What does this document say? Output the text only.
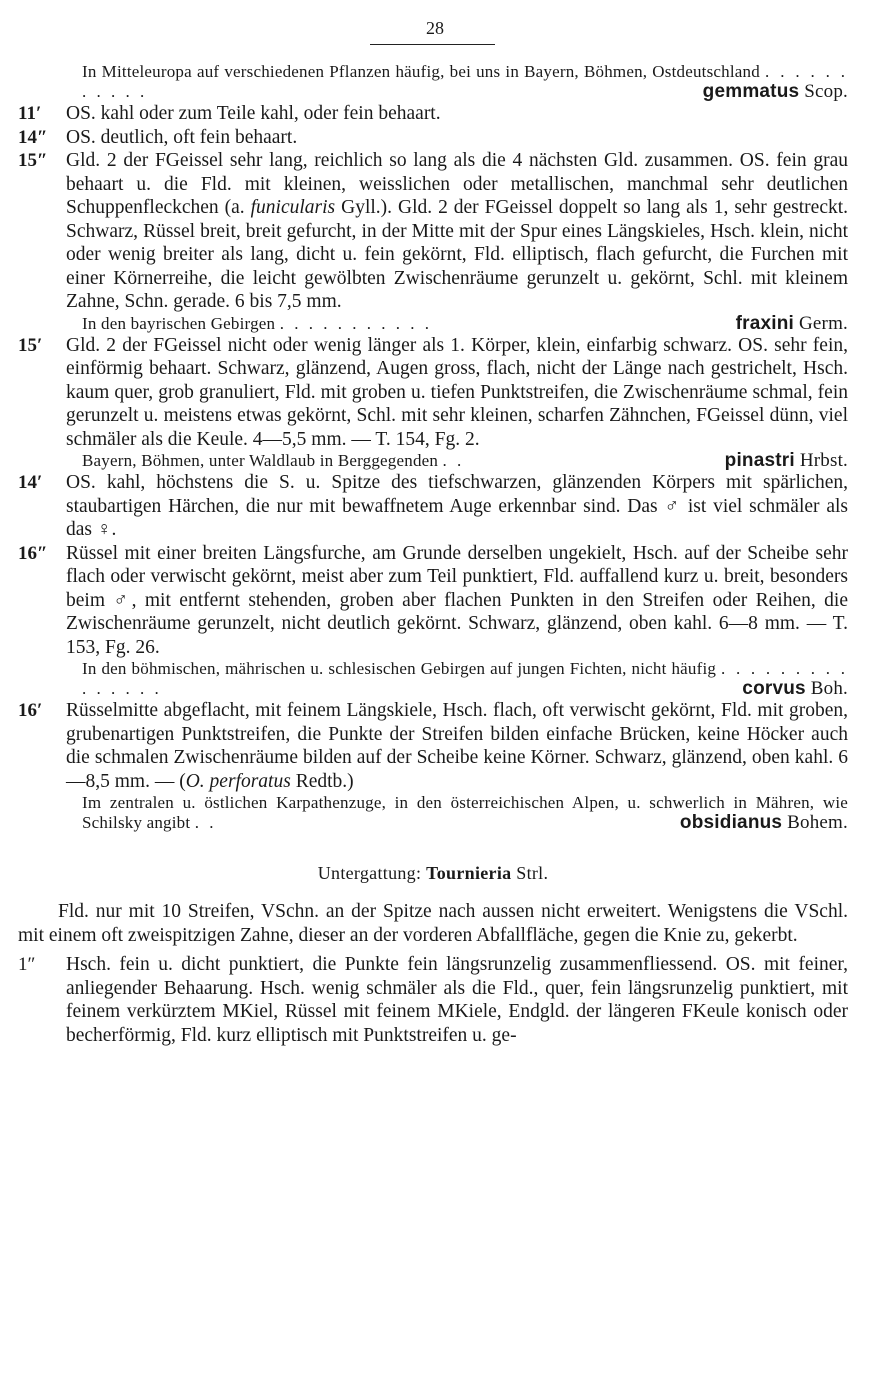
28
In Mitteleuropa auf verschiedenen Pflanzen häufig, bei uns in Bayern, Böhmen, Ostdeutschland . . . . . . . . . . .	gemmatus Scop.
11′	OS. kahl oder zum Teile kahl, oder fein behaart.
14″ OS. deutlich, oft fein behaart.
15″ Gld. 2 der FGeissel sehr lang, reichlich so lang als die 4 nächsten Gld. zusammen. OS. fein grau behaart u. die Fld. mit kleinen, weisslichen oder metallischen, manchmal sehr deutlichen Schuppenfleckchen (a. funicularis Gyll.). Gld. 2 der FGeissel doppelt so lang als 1, sehr gestreckt. Schwarz, Rüssel breit, breit gefurcht, in der Mitte mit der Spur eines Längskieles, Hsch. klein, nicht oder wenig breiter als lang, dicht u. fein gekörnt, Fld. elliptisch, flach gefurcht, die Furchen mit einer Körnerreihe, die leicht gewölbten Zwischenräume gerunzelt u. gekörnt, Schl. mit kleinem Zahne, Schn. gerade. 6 bis 7,5 mm.
In den bayrischen Gebirgen . . . . . . . . . . .	fraxini Germ.
15′	Gld. 2 der FGeissel nicht oder wenig länger als 1. Körper, klein, einfarbig schwarz. OS. sehr fein, einförmig behaart. Schwarz, glänzend, Augen gross, flach, nicht der Länge nach gestrichelt, Hsch. kaum quer, grob granuliert, Fld. mit groben u. tiefen Punktstreifen, die Zwischenräume schmal, fein gerunzelt u. meistens etwas gekörnt, Schl. mit sehr kleinen, scharfen Zähnchen, FGeissel dünn, viel schmäler als die Keule. 4—5,5 mm. — T. 154, Fg. 2.
Bayern, Böhmen, unter Waldlaub in Berggegenden . .	pinastri Hrbst.
14′	OS. kahl, höchstens die S. u. Spitze des tiefschwarzen, glänzenden Körpers mit spärlichen, staubartigen Härchen, die nur mit bewaffnetem Auge erkennbar sind. Das ♂ ist viel schmäler als das ♀.
16″ Rüssel mit einer breiten Längsfurche, am Grunde derselben ungekielt, Hsch. auf der Scheibe sehr flach oder verwischt gekörnt, meist aber zum Teil punktiert, Fld. auffallend kurz u. breit, besonders beim ♂, mit entfernt stehenden, groben aber flachen Punkten in den Streifen oder Reihen, die Zwischenräume gerunzelt, nicht deutlich gekörnt. Schwarz, glänzend, oben kahl. 6—8 mm. — T. 153, Fg. 26.
In den böhmischen, mährischen u. schlesischen Gebirgen auf jungen Fichten, nicht häufig . . . . . . . . . . . . . . .	corvus Boh.
16′	Rüsselmitte abgeflacht, mit feinem Längskiele, Hsch. flach, oft verwischt gekörnt, Fld. mit groben, grubenartigen Punktstreifen, die Punkte der Streifen bilden einfache Brücken, keine Höcker auch die schmalen Zwischenräume bilden auf der Scheibe keine Körner. Schwarz, glänzend, oben kahl. 6—8,5 mm. — (O. perforatus Redtb.)
Im zentralen u. östlichen Karpathenzuge, in den österreichischen Alpen, u. schwerlich in Mähren, wie Schilsky angibt . .	obsidianus Bohem.
Untergattung: Tournieria Strl.
Fld. nur mit 10 Streifen, VSchn. an der Spitze nach aussen nicht erweitert. Wenigstens die VSchl. mit einem oft zweispitzigen Zahne, dieser an der vorderen Abfallfläche, gegen die Knie zu, gekerbt.
1″	Hsch. fein u. dicht punktiert, die Punkte fein längsrunzelig zusammenfliessend. OS. mit feiner, anliegender Behaarung. Hsch. wenig schmäler als die Fld., quer, fein längsrunzelig punktiert, mit feinem verkürztem MKiel, Rüssel mit feinem MKiele, Endgld. der längeren FKeule konisch oder becherförmig, Fld. kurz elliptisch mit Punktstreifen u. ge-
